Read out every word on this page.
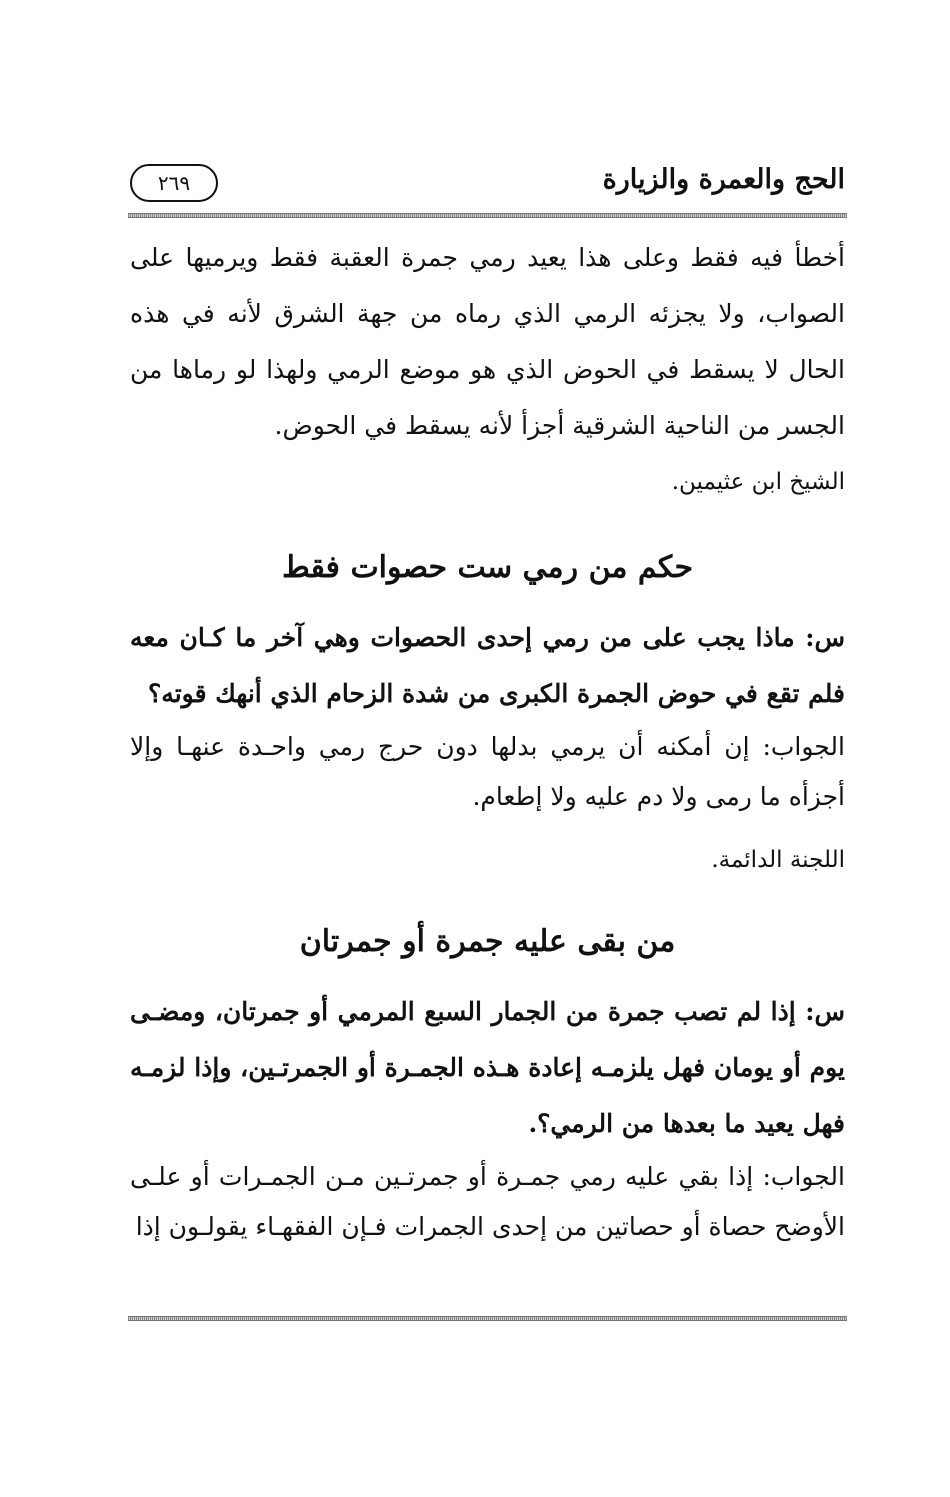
الحج والعمرة والزيارة
٢٦٩

أخطأ فيه فقط وعلى هذا يعيد رمي جمرة العقبة فقط ويرميها على الصواب، ولا يجزئه الرمي الذي رماه من جهة الشرق لأنه في هذه الحال لا يسقط في الحوض الذي هو موضع الرمي ولهذا لو رماها من الجسر من الناحية الشرقية أجزأ لأنه يسقط في الحوض.

الشيخ ابن عثيمين.

حكم من رمي ست حصوات فقط

س: ماذا يجب على من رمي إحدى الحصوات وهي آخر ما كـان معه فلم تقع في حوض الجمرة الكبرى من شدة الزحام الذي أنهك قوته؟

الجواب: إن أمكنه أن يرمي بدلها دون حرج رمي واحـدة عنهـا وإلا أجزأه ما رمى ولا دم عليه ولا إطعام.

اللجنة الدائمة.

من بقى عليه جمرة أو جمرتان

س: إذا لم تصب جمرة من الجمار السبع المرمي أو جمرتان، ومضـى يوم أو يومان فهل يلزمـه إعادة هـذه الجمـرة أو الجمرتـين، وإذا لزمـه فهل يعيد ما بعدها من الرمي؟.

الجواب: إذا بقي عليه رمي جمـرة أو جمرتـين مـن الجمـرات أو علـى الأوضح حصاة أو حصاتين من إحدى الجمرات فـإن الفقهـاء يقولـون إذا
